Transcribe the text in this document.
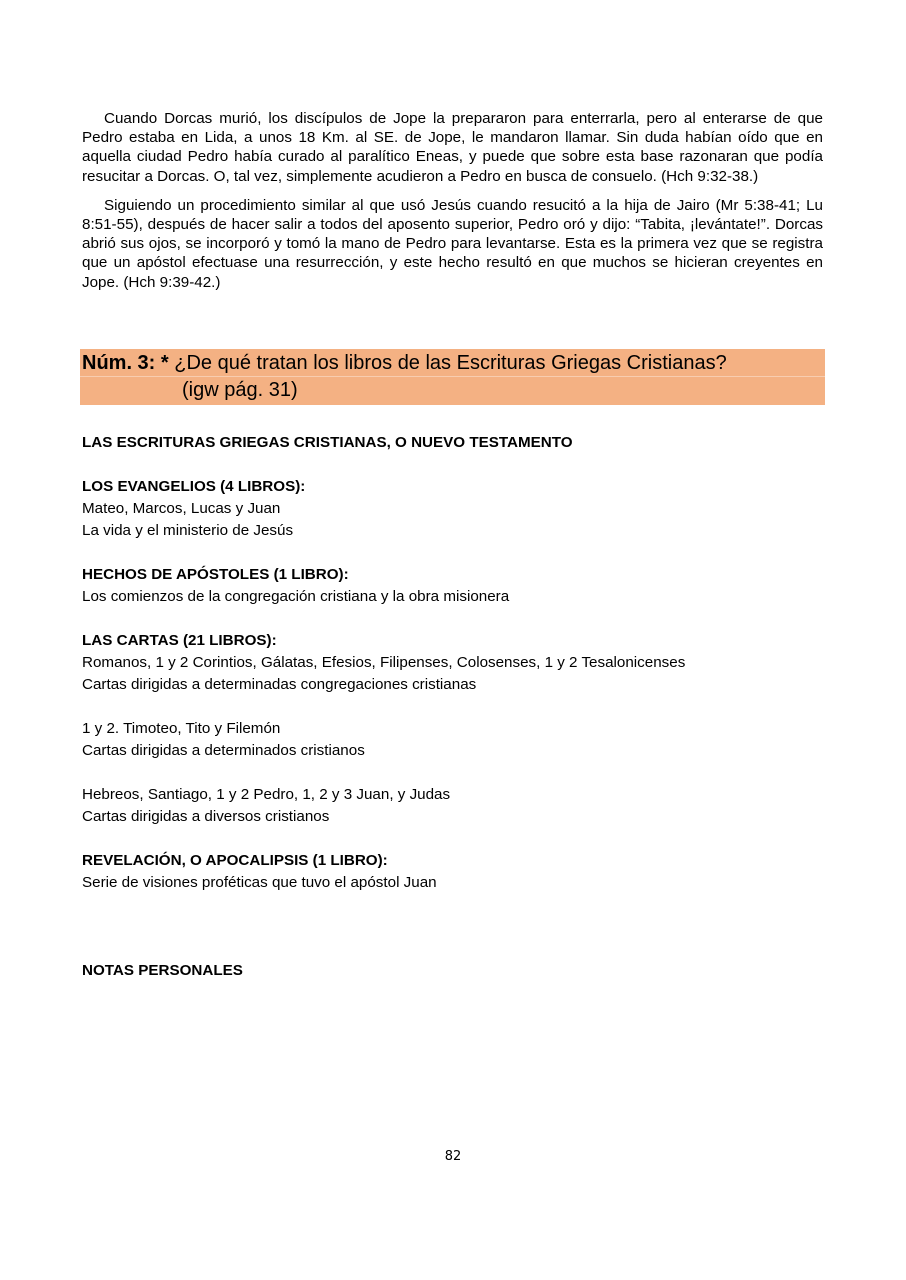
Cuando Dorcas murió, los discípulos de Jope la prepararon para enterrarla, pero al enterarse de que Pedro estaba en Lida, a unos 18 Km. al SE. de Jope, le mandaron llamar. Sin duda habían oído que en aquella ciudad Pedro había curado al paralítico Eneas, y puede que sobre esta base razonaran que podía resucitar a Dorcas. O, tal vez, simplemente acudieron a Pedro en busca de consuelo. (Hch 9:32-38.)

Siguiendo un procedimiento similar al que usó Jesús cuando resucitó a la hija de Jairo (Mr 5:38-41; Lu 8:51-55), después de hacer salir a todos del aposento superior, Pedro oró y dijo: “Tabita, ¡levántate!”. Dorcas abrió sus ojos, se incorporó y tomó la mano de Pedro para levantarse. Esta es la primera vez que se registra que un apóstol efectuase una resurrección, y este hecho resultó en que muchos se hicieran creyentes en Jope. (Hch 9:39-42.)

Núm. 3: * ¿De qué tratan los libros de las Escrituras Griegas Cristianas?
(igw pág. 31)
LAS ESCRITURAS GRIEGAS CRISTIANAS, O NUEVO TESTAMENTO
LOS EVANGELIOS (4 LIBROS):
Mateo, Marcos, Lucas y Juan
La vida y el ministerio de Jesús
HECHOS DE APÓSTOLES (1 LIBRO):
Los comienzos de la congregación cristiana y la obra misionera
LAS CARTAS (21 LIBROS):
Romanos, 1 y 2 Corintios, Gálatas, Efesios, Filipenses, Colosenses, 1 y 2 Tesalonicenses
Cartas dirigidas a determinadas congregaciones cristianas
1 y 2. Timoteo, Tito y Filemón
Cartas dirigidas a determinados cristianos
Hebreos, Santiago, 1 y 2 Pedro, 1, 2 y 3 Juan, y Judas
Cartas dirigidas a diversos cristianos
REVELACIÓN, O APOCALIPSIS (1 LIBRO):
Serie de visiones proféticas que tuvo el apóstol Juan
NOTAS PERSONALES
82
